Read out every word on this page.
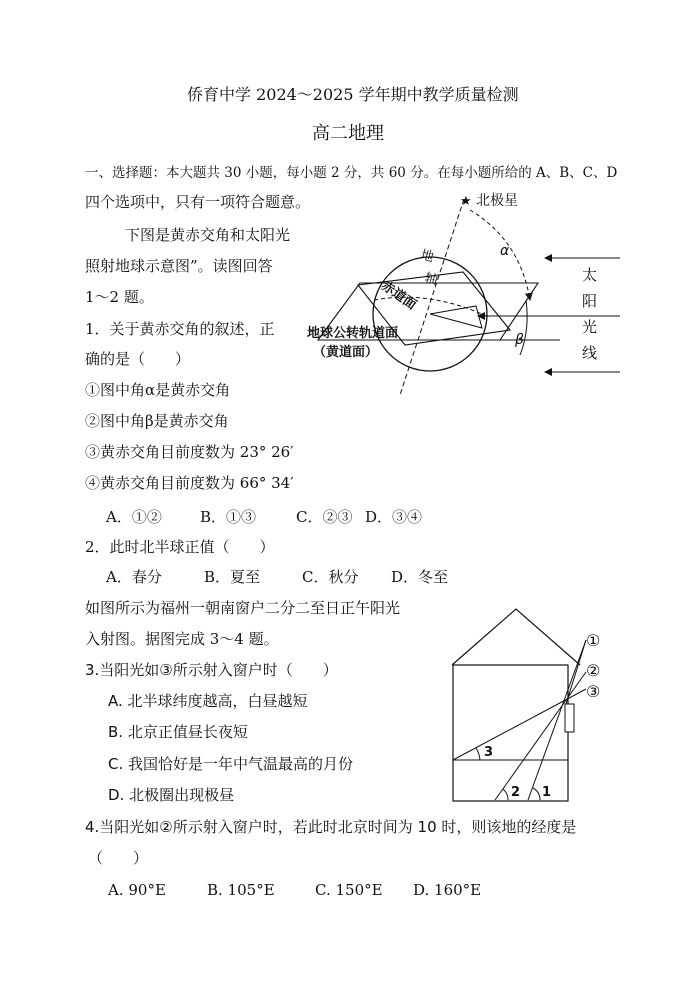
侨育中学 2024～2025 学年期中教学质量检测
高二地理
一、选择题：本大题共 30 小题，每小题 2 分，共 60 分。在每小题所给的 A、B、C、D
四个选项中，只有一项符合题意。
下图是黄赤交角和太阳光
照射地球示意图”。读图回答
1～2 题。
1．关于黄赤交角的叙述，正
确的是（　　）
①图中角α是黄赤交角
②图中角β是黄赤交角
③黄赤交角目前度数为 23° 26′
④黄赤交角目前度数为 66° 34′
A．①②	B．①③	C．②③ D．③④
2．此时北半球正值（　　）
A．春分	B．夏至	C．秋分 D．冬至
如图所示为福州一朝南窗户二分二至日正午阳光
入射图。据图完成 3～4 题。
3.当阳光如③所示射入窗户时（　　）
A. 北半球纬度越高，白昼越短
B. 北京正值昼长夜短
C. 我国恰好是一年中气温最高的月份
D. 北极圈出现极昼
4.当阳光如②所示射入窗户时，若此时北京时间为 10 时，则该地的经度是
（　　）
A. 90°E	B. 105°E	C. 150°E D. 160°E
★ 北极星
地
轴
赤道面
地球公转轨道面
（黄道面）
α
β
太
阳
光
线
①
②
③
3
2 1
